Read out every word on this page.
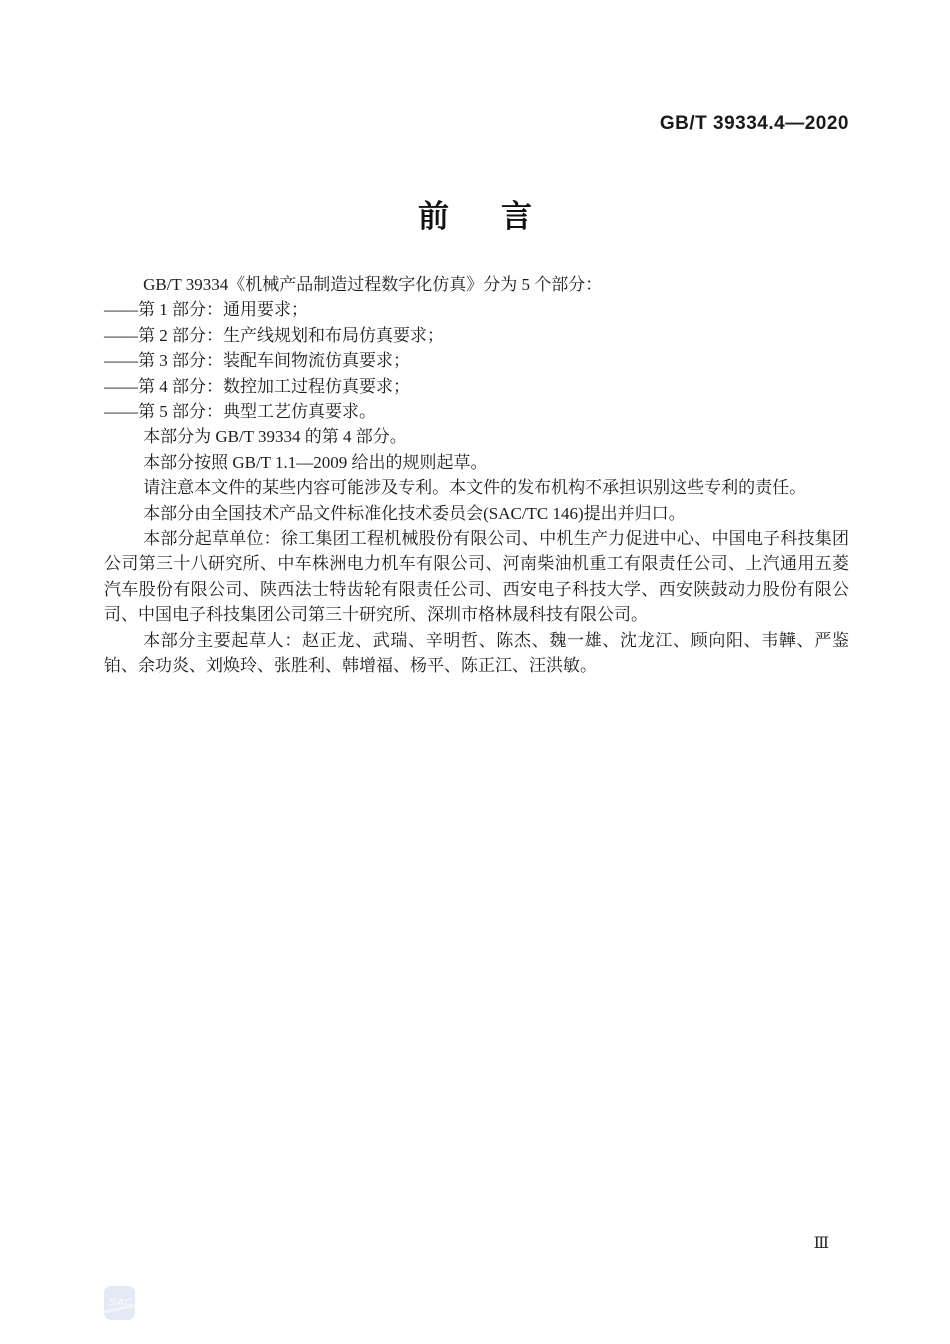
GB/T 39334.4—2020
前 言

GB/T 39334《机械产品制造过程数字化仿真》分为 5 个部分：

——第 1 部分：通用要求；

——第 2 部分：生产线规划和布局仿真要求；

——第 3 部分：装配车间物流仿真要求；

——第 4 部分：数控加工过程仿真要求；

——第 5 部分：典型工艺仿真要求。

本部分为 GB/T 39334 的第 4 部分。

本部分按照 GB/T 1.1—2009 给出的规则起草。

请注意本文件的某些内容可能涉及专利。本文件的发布机构不承担识别这些专利的责任。

本部分由全国技术产品文件标准化技术委员会(SAC/TC 146)提出并归口。

本部分起草单位：徐工集团工程机械股份有限公司、中机生产力促进中心、中国电子科技集团公司第三十八研究所、中车株洲电力机车有限公司、河南柴油机重工有限责任公司、上汽通用五菱汽车股份有限公司、陕西法士特齿轮有限责任公司、西安电子科技大学、西安陕鼓动力股份有限公司、中国电子科技集团公司第三十研究所、深圳市格林晟科技有限公司。

本部分主要起草人：赵正龙、武瑞、辛明哲、陈杰、魏一雄、沈龙江、顾向阳、韦韡、严鉴铂、余功炎、刘焕玲、张胜利、韩增福、杨平、陈正江、汪洪敏。

Ⅲ
SAC
